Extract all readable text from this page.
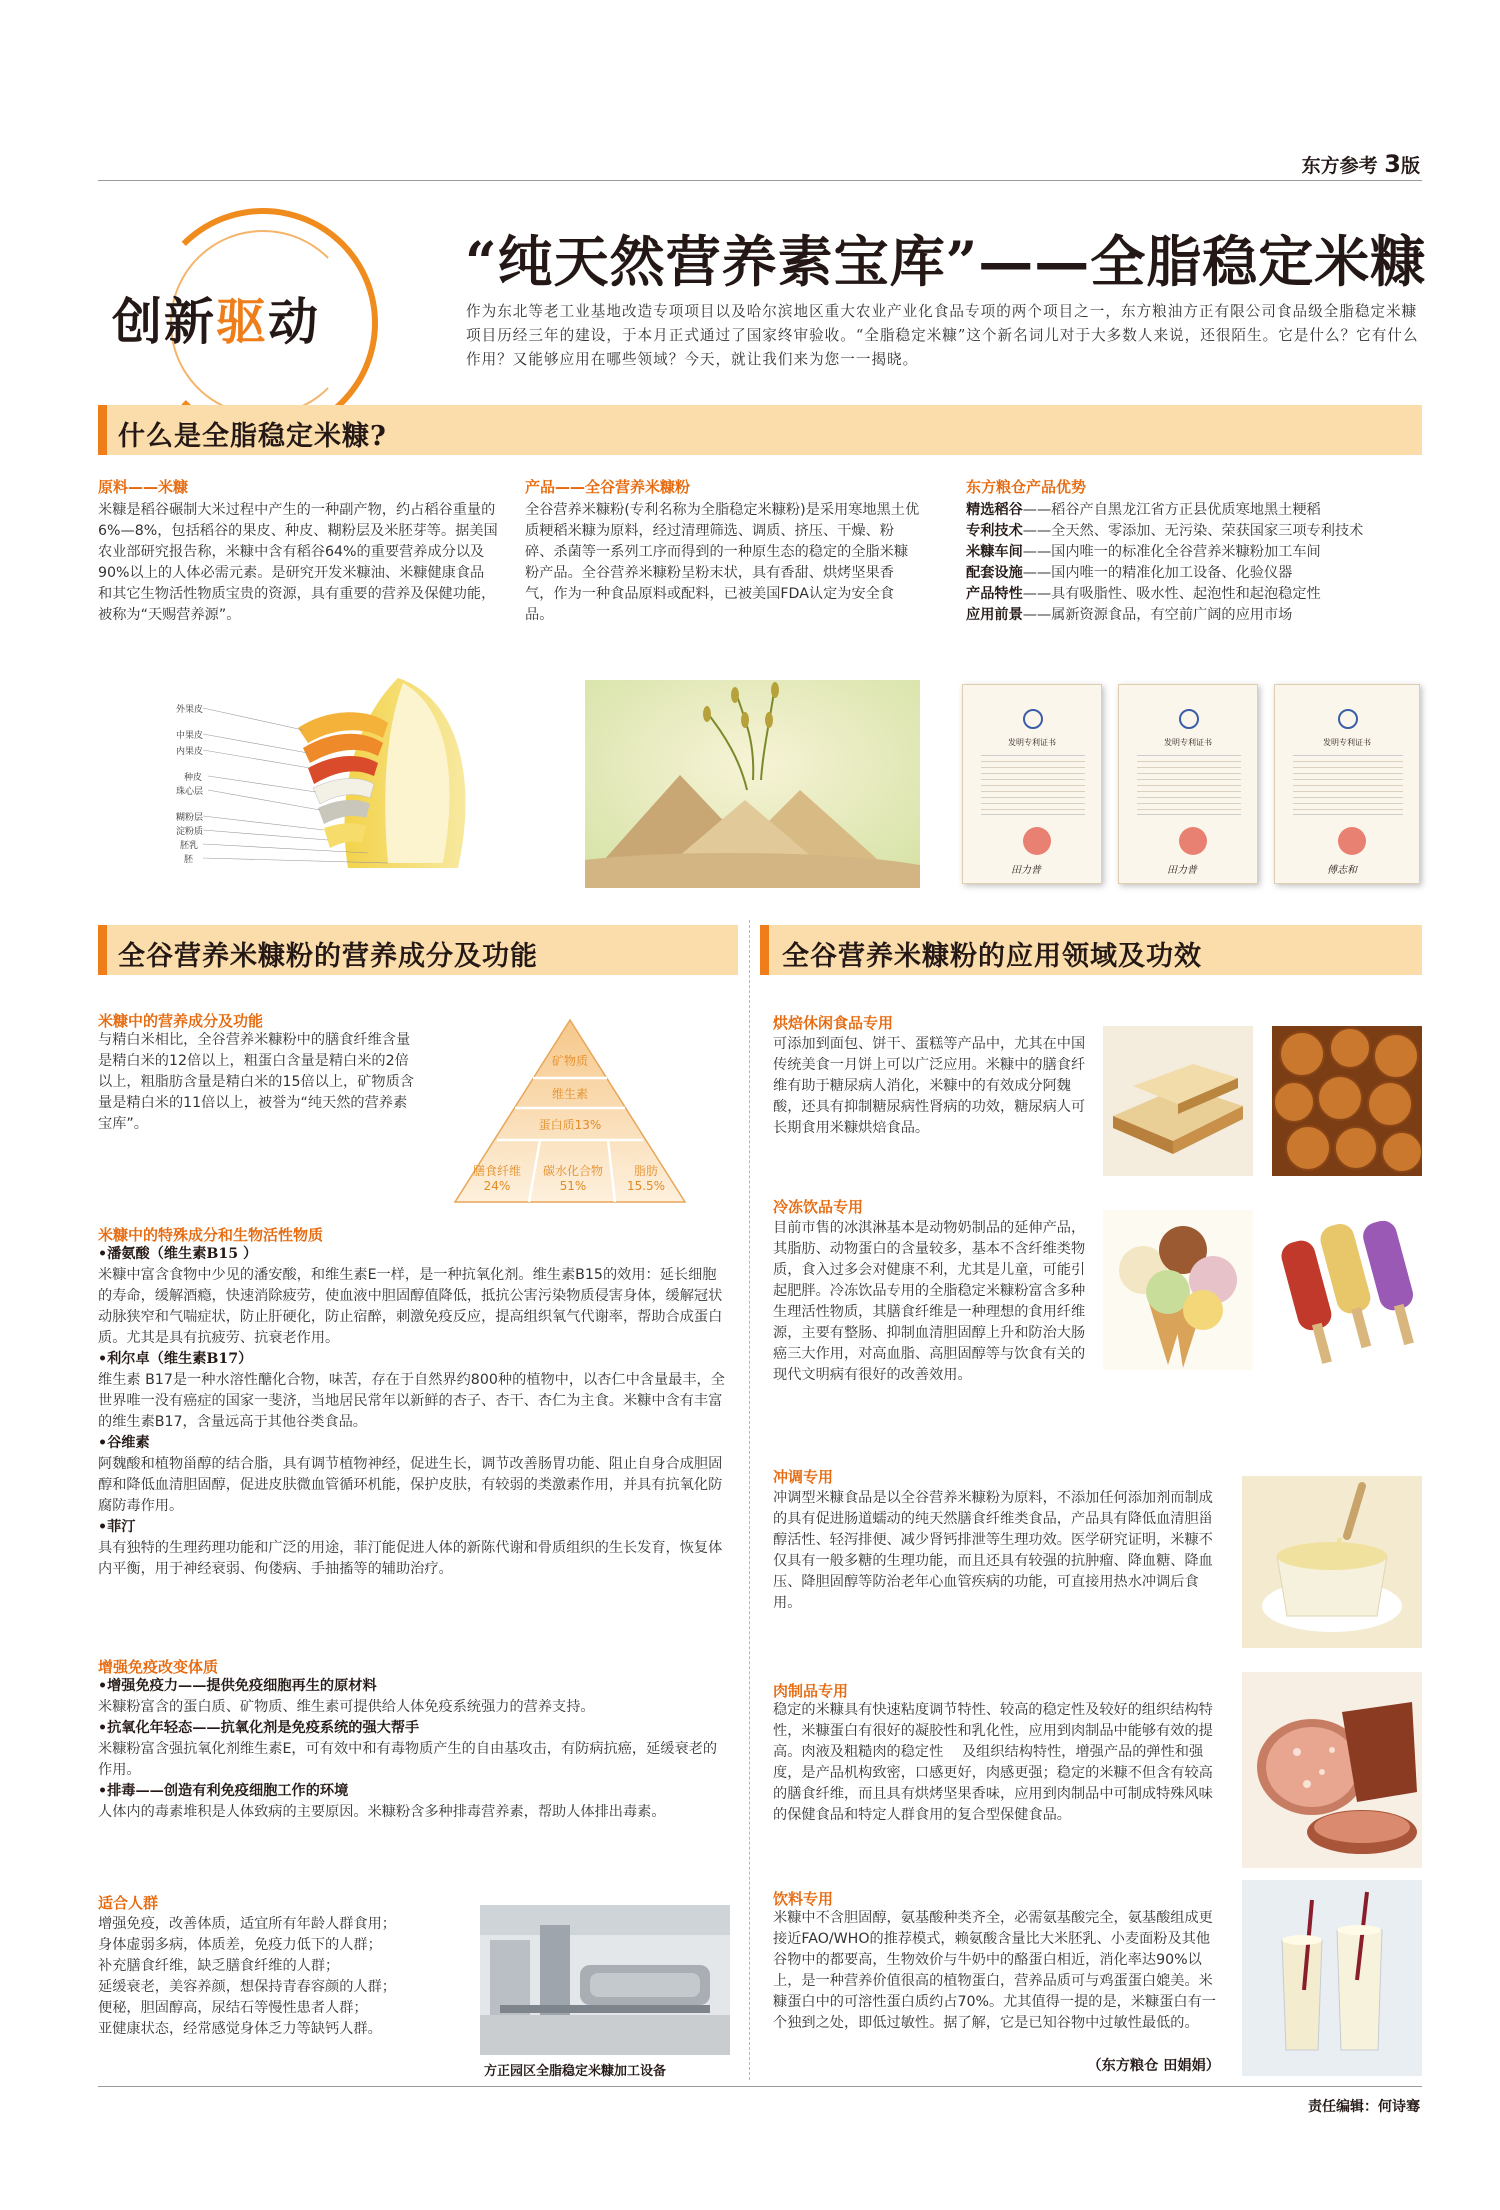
东方参考 3版
创新驱动
“纯天然营养素宝库”——全脂稳定米糠
作为东北等老工业基地改造专项项目以及哈尔滨地区重大农业产业化食品专项的两个项目之一，东方粮油方正有限公司食品级全脂稳定米糠项目历经三年的建设，于本月正式通过了国家终审验收。“全脂稳定米糠”这个新名词儿对于大多数人来说，还很陌生。它是什么？它有什么作用？又能够应用在哪些领域？今天，就让我们来为您一一揭晓。
什么是全脂稳定米糠?
原料——米糠
米糠是稻谷碾制大米过程中产生的一种副产物，约占稻谷重量的6%—8%，包括稻谷的果皮、种皮、糊粉层及米胚芽等。据美国农业部研究报告称，米糠中含有稻谷64%的重要营养成分以及90%以上的人体必需元素。是研究开发米糠油、米糠健康食品和其它生物活性物质宝贵的资源，具有重要的营养及保健功能，被称为“天赐营养源”。
外果皮
中果皮
内果皮
种皮
珠心层
糊粉层
淀粉质
胚乳
胚
产品——全谷营养米糠粉
全谷营养米糠粉(专利名称为全脂稳定米糠粉)是采用寒地黑土优质粳稻米糠为原料，经过清理筛选、调质、挤压、干燥、粉碎、杀菌等一系列工序而得到的一种原生态的稳定的全脂米糠粉产品。全谷营养米糠粉呈粉末状，具有香甜、烘烤坚果香气，作为一种食品原料或配料，已被美国FDA认定为安全食品。
东方粮仓产品优势
精选稻谷——稻谷产自黑龙江省方正县优质寒地黑土粳稻
专利技术——全天然、零添加、无污染、荣获国家三项专利技术
米糠车间——国内唯一的标准化全谷营养米糠粉加工车间
配套设施——国内唯一的精准化加工设备、化验仪器
产品特性——具有吸脂性、吸水性、起泡性和起泡稳定性
应用前景——属新资源食品，有空前广阔的应用市场
发明专利证书
田力普
发明专利证书
田力普
发明专利证书
傅志和
全谷营养米糠粉的营养成分及功能
米糠中的营养成分及功能
与精白米相比，全谷营养米糠粉中的膳食纤维含量是精白米的12倍以上，粗蛋白含量是精白米的2倍以上，粗脂肪含量是精白米的15倍以上，矿物质含量是精白米的11倍以上，被誉为“纯天然的营养素宝库”。
矿物质
维生素
蛋白质13%
膳食纤维
24%
碳水化合物
51%
脂肪
15.5%
米糠中的特殊成分和生物活性物质
•潘氨酸（维生素B15 ）
米糠中富含食物中少见的潘安酸，和维生素E一样，是一种抗氧化剂。维生素B15的效用：延长细胞的寿命，缓解酒瘾，快速消除疲劳，使血液中胆固醇值降低，抵抗公害污染物质侵害身体，缓解冠状动脉狭窄和气喘症状，防止肝硬化，防止宿醉，刺激免疫反应，提高组织氧气代谢率，帮助合成蛋白质。尤其是具有抗疲劳、抗衰老作用。
•利尔卓（维生素B17）
维生素 B17是一种水溶性醣化合物，味苦，存在于自然界约800种的植物中，以杏仁中含量最丰，全世界唯一没有癌症的国家一斐济，当地居民常年以新鲜的杏子、杏干、杏仁为主食。米糠中含有丰富的维生素B17，含量远高于其他谷类食品。
•谷维素
阿魏酸和植物甾醇的结合脂，具有调节植物神经，促进生长，调节改善肠胃功能、阻止自身合成胆固醇和降低血清胆固醇，促进皮肤微血管循环机能，保护皮肤，有较弱的类激素作用，并具有抗氧化防腐防毒作用。
•菲汀
具有独特的生理药理功能和广泛的用途，菲汀能促进人体的新陈代谢和骨质组织的生长发育，恢复体内平衡，用于神经衰弱、佝偻病、手抽搐等的辅助治疗。
增强免疫改变体质
•增强免疫力——提供免疫细胞再生的原材料
米糠粉富含的蛋白质、矿物质、维生素可提供给人体免疫系统强力的营养支持。
•抗氧化年轻态——抗氧化剂是免疫系统的强大帮手
米糠粉富含强抗氧化剂维生素E，可有效中和有毒物质产生的自由基攻击，有防病抗癌，延缓衰老的作用。
•排毒——创造有利免疫细胞工作的环境
人体内的毒素堆积是人体致病的主要原因。米糠粉含多种排毒营养素，帮助人体排出毒素。
适合人群
增强免疫，改善体质，适宜所有年龄人群食用；
身体虚弱多病，体质差，免疫力低下的人群；
补充膳食纤维，缺乏膳食纤维的人群；
延缓衰老，美容养颜，想保持青春容颜的人群；
便秘，胆固醇高，尿结石等慢性患者人群；
亚健康状态，经常感觉身体乏力等缺钙人群。
方正园区全脂稳定米糠加工设备
全谷营养米糠粉的应用领域及功效
烘焙休闲食品专用
可添加到面包、饼干、蛋糕等产品中，尤其在中国传统美食一月饼上可以广泛应用。米糠中的膳食纤维有助于糖尿病人消化，米糠中的有效成分阿魏酸，还具有抑制糖尿病性肾病的功效，糖尿病人可长期食用米糠烘焙食品。
冷冻饮品专用
目前市售的冰淇淋基本是动物奶制品的延伸产品，其脂肪、动物蛋白的含量较多，基本不含纤维类物质，食入过多会对健康不利，尤其是儿童，可能引起肥胖。冷冻饮品专用的全脂稳定米糠粉富含多种生理活性物质，其膳食纤维是一种理想的食用纤维源，主要有整肠、抑制血清胆固醇上升和防治大肠癌三大作用，对高血脂、高胆固醇等与饮食有关的现代文明病有很好的改善效用。
冲调专用
冲调型米糠食品是以全谷营养米糠粉为原料，不添加任何添加剂而制成的具有促进肠道蠕动的纯天然膳食纤维类食品，产品具有降低血清胆甾醇活性、轻泻排便、减少肾钙排泄等生理功效。医学研究证明，米糠不仅具有一般多糖的生理功能，而且还具有较强的抗肿瘤、降血糖、降血压、降胆固醇等防治老年心血管疾病的功能，可直接用热水冲调后食用。
肉制品专用
稳定的米糠具有快速粘度调节特性、较高的稳定性及较好的组织结构特性，米糠蛋白有很好的凝胶性和乳化性，应用到肉制品中能够有效的提高。肉液及粗糙肉的稳定性　 及组织结构特性，增强产品的弹性和强度，是产品机构致密，口感更好，肉感更强；稳定的米糠不但含有较高的膳食纤维，而且具有烘烤坚果香味，应用到肉制品中可制成特殊风味的保健食品和特定人群食用的复合型保健食品。
饮料专用
米糠中不含胆固醇，氨基酸种类齐全，必需氨基酸完全，氨基酸组成更接近FAO/WHO的推荐模式，赖氨酸含量比大米胚乳、小麦面粉及其他谷物中的都要高，生物效价与牛奶中的酪蛋白相近，消化率达90%以上，是一种营养价值很高的植物蛋白，营养品质可与鸡蛋蛋白媲美。米糠蛋白中的可溶性蛋白质约占70%。尤其值得一提的是，米糠蛋白有一个独到之处，即低过敏性。据了解，它是已知谷物中过敏性最低的。
（东方粮仓 田娟娟）
责任编辑：何诗骞
